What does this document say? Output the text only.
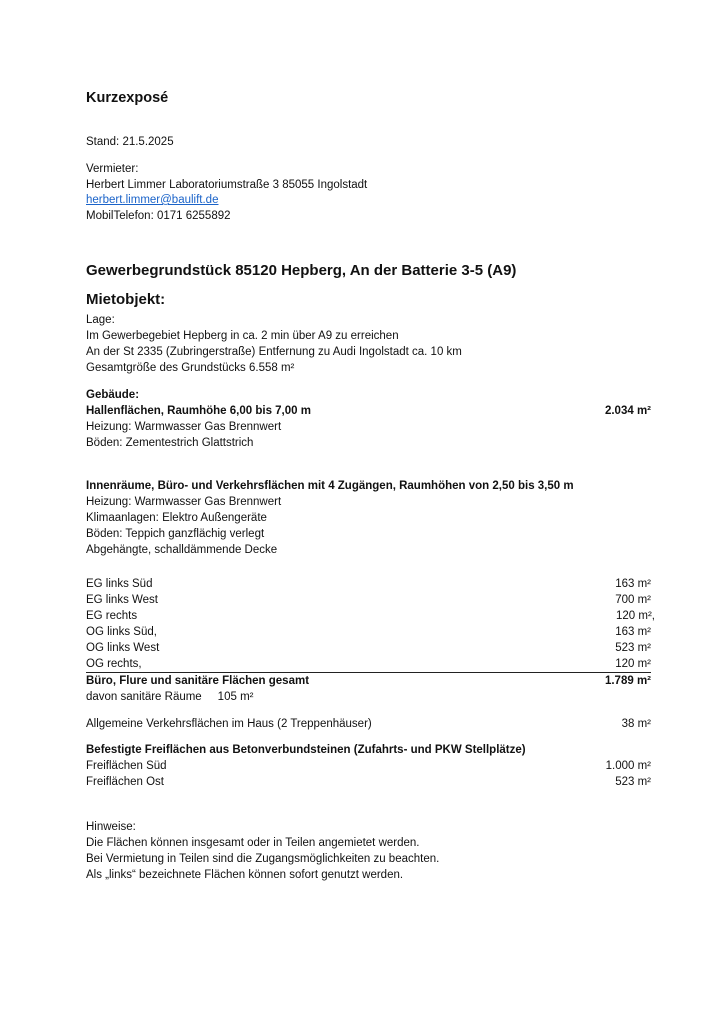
Kurzexposé
Stand: 21.5.2025
Vermieter:
Herbert Limmer Laboratoriumstraße 3 85055 Ingolstadt
herbert.limmer@baulift.de
MobilTelefon: 0171 6255892
Gewerbegrundstück 85120 Hepberg, An der Batterie 3-5 (A9)
Mietobjekt:
Lage:
Im Gewerbegebiet Hepberg in ca. 2 min über A9 zu erreichen
An der St 2335 (Zubringerstraße) Entfernung zu Audi Ingolstadt ca. 10 km
Gesamtgröße des Grundstücks 6.558 m²
Gebäude:
Hallenflächen, Raumhöhe 6,00 bis 7,00 m	2.034 m²
Heizung: Warmwasser Gas Brennwert
Böden: Zementestrich Glattstrich
Innenräume, Büro- und Verkehrsflächen mit 4 Zugängen, Raumhöhen von 2,50 bis 3,50 m
Heizung: Warmwasser Gas Brennwert
Klimaanlagen: Elektro Außengeräte
Böden: Teppich ganzflächig verlegt
Abgehängte, schalldämmende Decke
EG links Süd	163 m²
EG links West	700 m²
EG rechts	120 m²,
OG links Süd,	163 m²
OG links West	523 m²
OG rechts,	120 m²
Büro, Flure und sanitäre Flächen gesamt	1.789 m²
davon sanitäre Räume     105 m²
Allgemeine Verkehrsflächen im Haus (2 Treppenhäuser)	38 m²
Befestigte Freiflächen aus Betonverbundsteinen (Zufahrts- und PKW Stellplätze)
Freiflächen Süd	1.000 m²
Freiflächen Ost	523 m²
Hinweise:
Die Flächen können insgesamt oder in Teilen angemietet werden.
Bei Vermietung in Teilen sind die Zugangsmöglichkeiten zu beachten.
Als „links“ bezeichnete Flächen können sofort genutzt werden.
